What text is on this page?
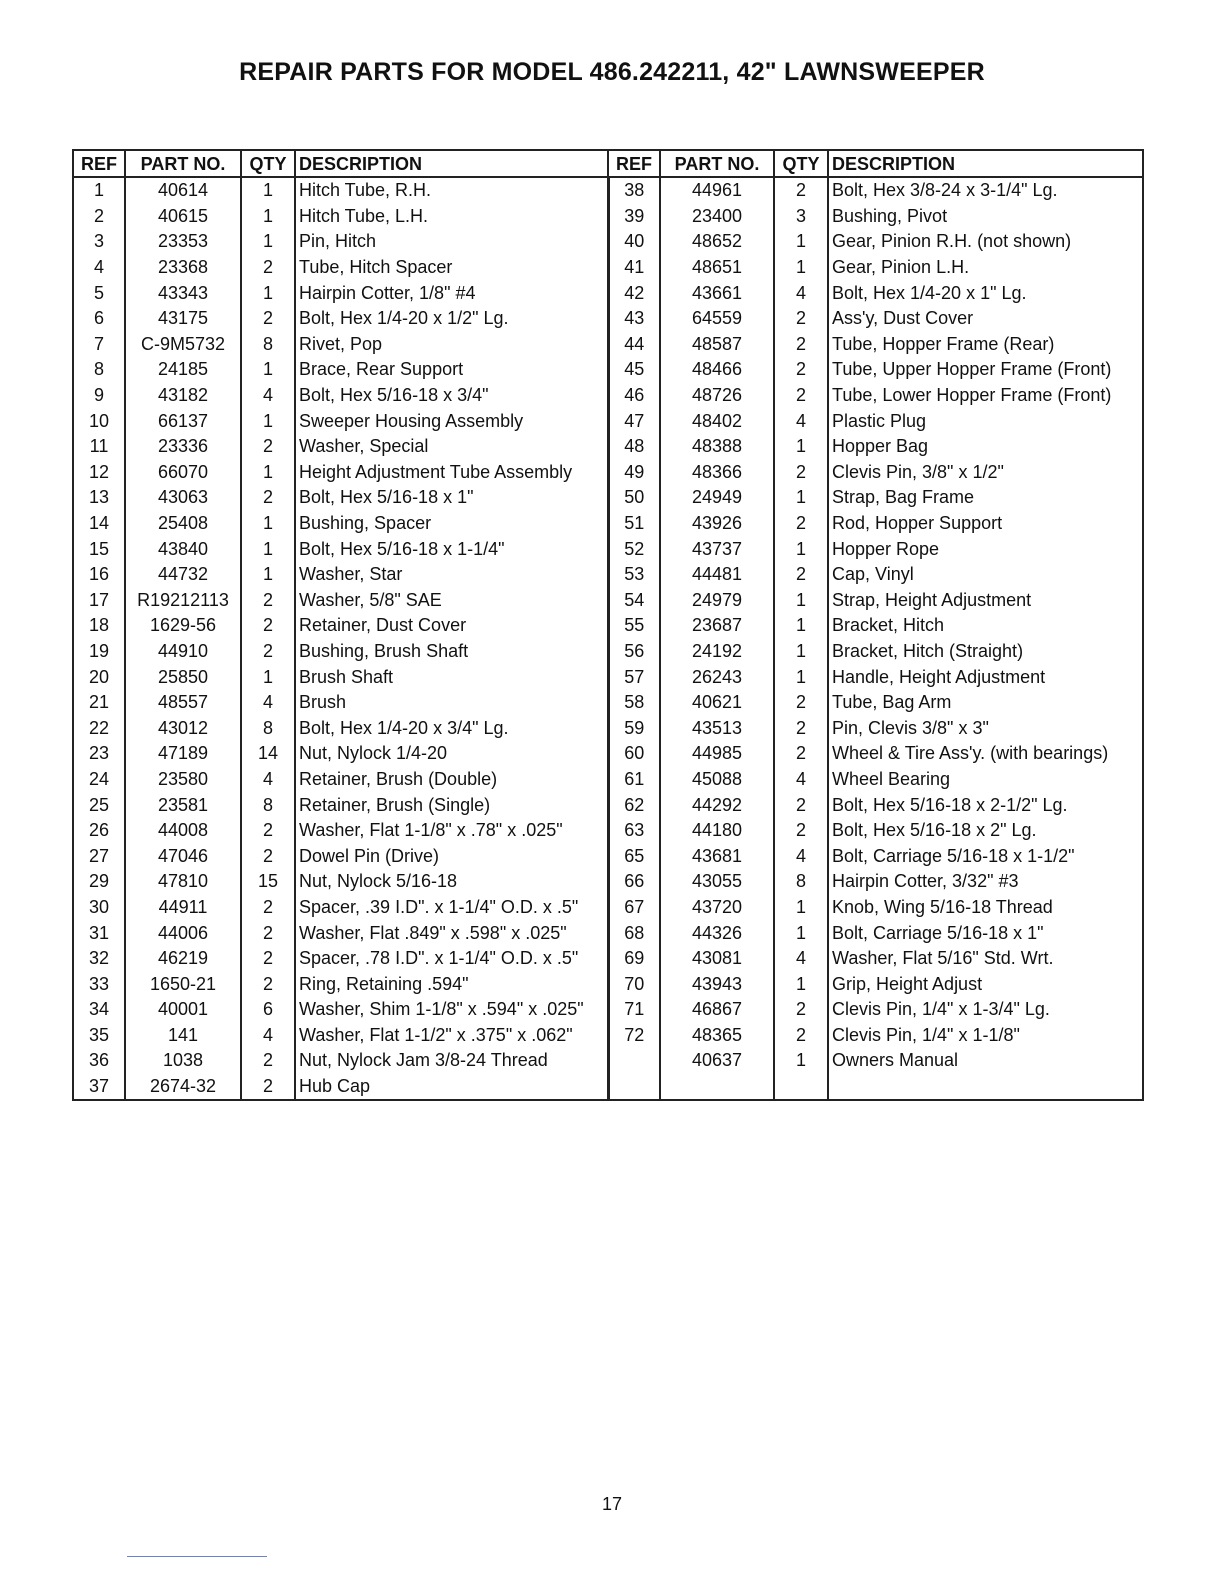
REPAIR PARTS FOR MODEL 486.242211, 42" LAWNSWEEPER
REF	PART NO.	QTY	DESCRIPTION	REF	PART NO.	QTY	DESCRIPTION
1	40614	1	Hitch Tube, R.H.	38	44961	2	Bolt, Hex 3/8-24 x 3-1/4" Lg.
2	40615	1	Hitch Tube, L.H.	39	23400	3	Bushing, Pivot
3	23353	1	Pin, Hitch	40	48652	1	Gear, Pinion R.H. (not shown)
4	23368	2	Tube, Hitch Spacer	41	48651	1	Gear, Pinion L.H.
5	43343	1	Hairpin Cotter, 1/8" #4	42	43661	4	Bolt, Hex 1/4-20 x 1" Lg.
6	43175	2	Bolt, Hex 1/4-20 x 1/2" Lg.	43	64559	2	Ass'y, Dust Cover
7	C-9M5732	8	Rivet, Pop	44	48587	2	Tube, Hopper Frame (Rear)
8	24185	1	Brace, Rear Support	45	48466	2	Tube, Upper Hopper Frame (Front)
9	43182	4	Bolt, Hex 5/16-18 x 3/4"	46	48726	2	Tube, Lower Hopper Frame (Front)
10	66137	1	Sweeper Housing Assembly	47	48402	4	Plastic Plug
11	23336	2	Washer, Special	48	48388	1	Hopper Bag
12	66070	1	Height Adjustment Tube Assembly	49	48366	2	Clevis Pin, 3/8" x 1/2"
13	43063	2	Bolt, Hex 5/16-18 x 1"	50	24949	1	Strap, Bag Frame
14	25408	1	Bushing, Spacer	51	43926	2	Rod, Hopper Support
15	43840	1	Bolt, Hex 5/16-18 x 1-1/4"	52	43737	1	Hopper Rope
16	44732	1	Washer, Star	53	44481	2	Cap, Vinyl
17	R19212113	2	Washer, 5/8" SAE	54	24979	1	Strap, Height Adjustment
18	1629-56	2	Retainer, Dust Cover	55	23687	1	Bracket, Hitch
19	44910	2	Bushing, Brush Shaft	56	24192	1	Bracket, Hitch (Straight)
20	25850	1	Brush Shaft	57	26243	1	Handle, Height Adjustment
21	48557	4	Brush	58	40621	2	Tube, Bag Arm
22	43012	8	Bolt, Hex 1/4-20 x 3/4" Lg.	59	43513	2	Pin, Clevis 3/8" x 3"
23	47189	14	Nut, Nylock 1/4-20	60	44985	2	Wheel & Tire Ass'y. (with bearings)
24	23580	4	Retainer, Brush (Double)	61	45088	4	Wheel Bearing
25	23581	8	Retainer, Brush (Single)	62	44292	2	Bolt, Hex 5/16-18 x 2-1/2" Lg.
26	44008	2	Washer, Flat 1-1/8" x .78" x .025"	63	44180	2	Bolt, Hex 5/16-18 x 2" Lg.
27	47046	2	Dowel Pin (Drive)	65	43681	4	Bolt, Carriage 5/16-18 x 1-1/2"
29	47810	15	Nut, Nylock 5/16-18	66	43055	8	Hairpin Cotter, 3/32" #3
30	44911	2	Spacer, .39 I.D". x 1-1/4" O.D. x .5"	67	43720	1	Knob, Wing 5/16-18 Thread
31	44006	2	Washer, Flat .849" x .598" x .025"	68	44326	1	Bolt, Carriage 5/16-18 x 1"
32	46219	2	Spacer, .78 I.D". x 1-1/4" O.D. x .5"	69	43081	4	Washer, Flat 5/16" Std. Wrt.
33	1650-21	2	Ring, Retaining .594"	70	43943	1	Grip, Height Adjust
34	40001	6	Washer, Shim 1-1/8" x .594" x .025"	71	46867	2	Clevis Pin, 1/4" x 1-3/4" Lg.
35	141	4	Washer, Flat 1-1/2" x .375" x .062"	72	48365	2	Clevis Pin, 1/4" x 1-1/8"
36	1038	2	Nut, Nylock Jam 3/8-24 Thread		40637	1	Owners Manual
37	2674-32	2	Hub Cap				
17
